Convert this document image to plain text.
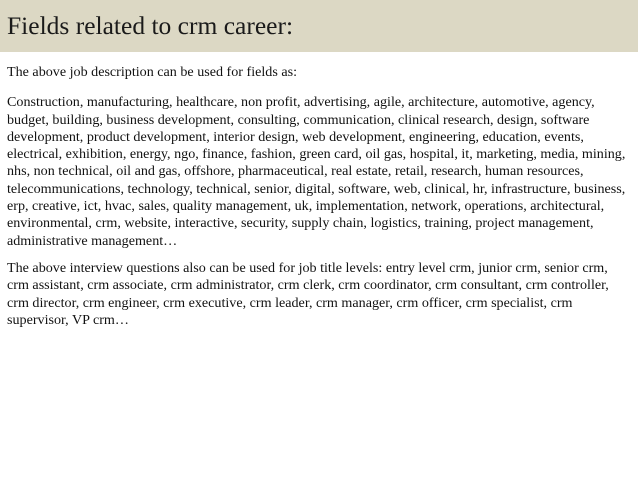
Fields related to crm career:

The above job description can be used for fields as:

Construction, manufacturing, healthcare, non profit, advertising, agile, architecture, automotive, agency, budget, building, business development, consulting, communication, clinical research, design, software development, product development, interior design, web development, engineering, education, events, electrical, exhibition, energy, ngo, finance, fashion, green card, oil gas, hospital, it, marketing, media, mining, nhs, non technical, oil and gas, offshore, pharmaceutical, real estate, retail, research, human resources, telecommunications, technology, technical, senior, digital, software, web, clinical, hr, infrastructure, business, erp, creative, ict, hvac, sales, quality management, uk, implementation, network, operations, architectural, environmental, crm, website, interactive, security, supply chain, logistics, training, project management, administrative management…

The above interview questions also can be used for job title levels: entry level crm, junior crm, senior crm, crm assistant, crm associate, crm administrator, crm clerk, crm coordinator, crm consultant, crm controller, crm director, crm engineer, crm executive, crm leader, crm manager, crm officer, crm specialist, crm supervisor, VP crm…
